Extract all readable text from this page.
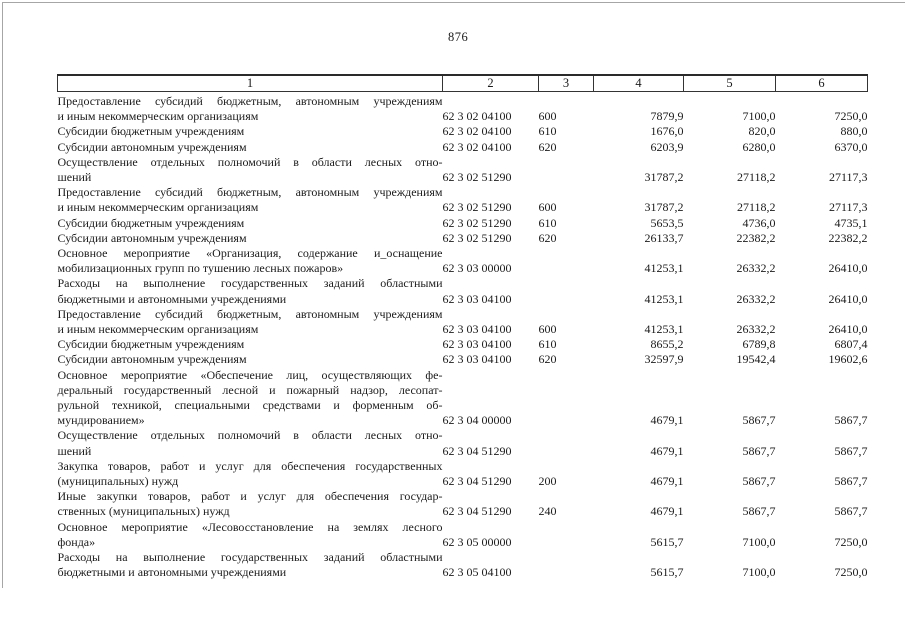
876
1	2	3	4	5	6

Предоставление субсидий бюджетным, автономным учреждениям
и иным некоммерческим организациям	62 3 02 04100	600	7879,9	7100,0	7250,0

Субсидии бюджетным учреждениям	62 3 02 04100	610	1676,0	820,0	880,0

Субсидии автономным учреждениям	62 3 02 04100	620	6203,9	6280,0	6370,0

Осуществление отдельных полномочий в области лесных отно-
шений	62 3 02 51290		31787,2	27118,2	27117,3

Предоставление субсидий бюджетным, автономным учреждениям
и иным некоммерческим организациям	62 3 02 51290	600	31787,2	27118,2	27117,3

Субсидии бюджетным учреждениям	62 3 02 51290	610	5653,5	4736,0	4735,1

Субсидии автономным учреждениям	62 3 02 51290	620	26133,7	22382,2	22382,2

Основное мероприятие «Организация, содержание и_оснащение
мобилизационных групп по тушению лесных пожаров»	62 3 03 00000		41253,1	26332,2	26410,0

Расходы на выполнение государственных заданий областными
бюджетными и автономными учреждениями	62 3 03 04100		41253,1	26332,2	26410,0

Предоставление субсидий бюджетным, автономным учреждениям
и иным некоммерческим организациям	62 3 03 04100	600	41253,1	26332,2	26410,0

Субсидии бюджетным учреждениям	62 3 03 04100	610	8655,2	6789,8	6807,4

Субсидии автономным учреждениям	62 3 03 04100	620	32597,9	19542,4	19602,6

Основное мероприятие «Обеспечение лиц, осуществляющих фе-
деральный государственный лесной и пожарный надзор, лесопат-
рульной техникой, специальными средствами и форменным об-
мундированием»	62 3 04 00000		4679,1	5867,7	5867,7

Осуществление отдельных полномочий в области лесных отно-
шений	62 3 04 51290		4679,1	5867,7	5867,7

Закупка товаров, работ и услуг для обеспечения государственных
(муниципальных) нужд	62 3 04 51290	200	4679,1	5867,7	5867,7

Иные закупки товаров, работ и услуг для обеспечения государ-
ственных (муниципальных) нужд	62 3 04 51290	240	4679,1	5867,7	5867,7

Основное мероприятие «Лесовосстановление на землях лесного
фонда»	62 3 05 00000		5615,7	7100,0	7250,0

Расходы на выполнение государственных заданий областными
бюджетными и автономными учреждениями	62 3 05 04100		5615,7	7100,0	7250,0
